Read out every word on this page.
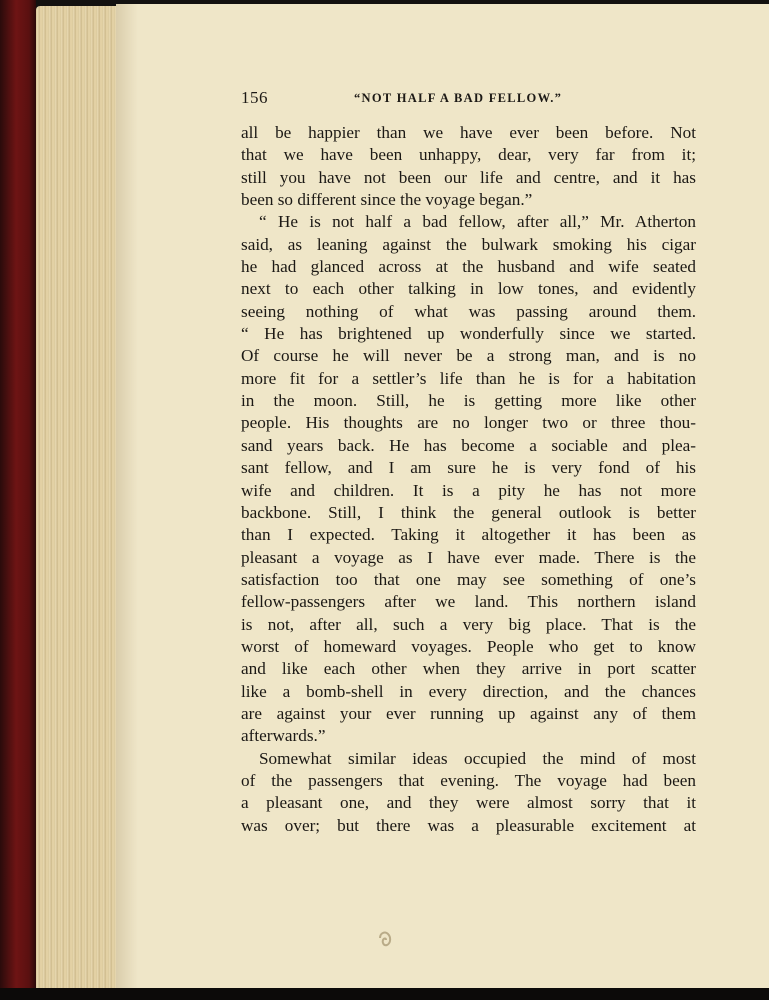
156	“NOT HALF A BAD FELLOW.”
all be happier than we have ever been before. Not
that we have been unhappy, dear, very far from it;
still you have not been our life and centre, and it has
been so different since the voyage began.”
“ He is not half a bad fellow, after all,” Mr. Atherton
said, as leaning against the bulwark smoking his cigar
he had glanced across at the husband and wife seated
next to each other talking in low tones, and evidently
seeing nothing of what was passing around them.
“ He has brightened up wonderfully since we started.
Of course he will never be a strong man, and is no
more fit for a settler’s life than he is for a habitation
in the moon. Still, he is getting more like other
people. His thoughts are no longer two or three thou-
sand years back. He has become a sociable and plea-
sant fellow, and I am sure he is very fond of his
wife and children. It is a pity he has not more
backbone. Still, I think the general outlook is better
than I expected. Taking it altogether it has been as
pleasant a voyage as I have ever made. There is the
satisfaction too that one may see something of one’s
fellow-passengers after we land. This northern island
is not, after all, such a very big place. That is the
worst of homeward voyages. People who get to know
and like each other when they arrive in port scatter
like a bomb-shell in every direction, and the chances
are against your ever running up against any of them
afterwards.”
Somewhat similar ideas occupied the mind of most
of the passengers that evening. The voyage had been
a pleasant one, and they were almost sorry that it
was over; but there was a pleasurable excitement at
